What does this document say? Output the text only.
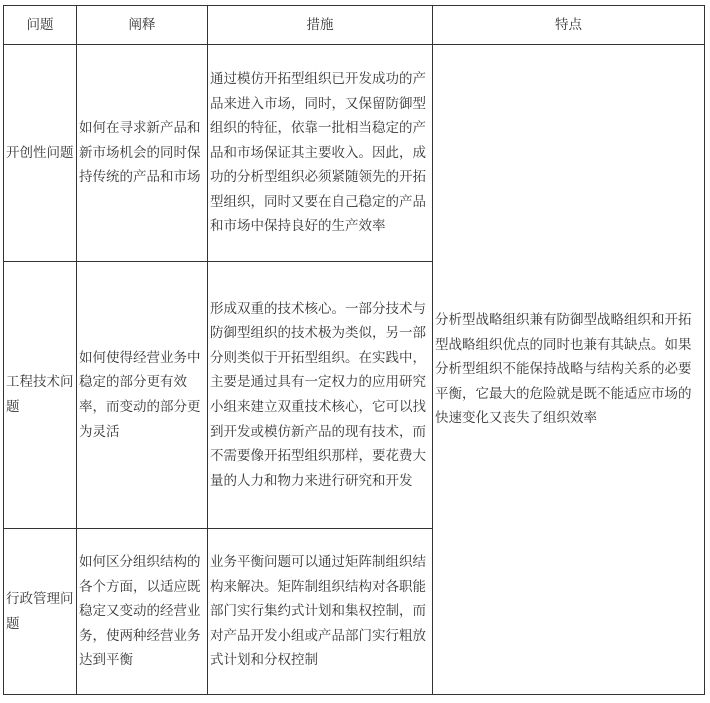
问题	阐释	措施	特点
开创性问题	如何在寻求新产品和新市场机会的同时保持传统的产品和市场	通过模仿开拓型组织已开发成功的产品来进入市场，同时，又保留防御型组织的特征，依靠一批相当稳定的产品和市场保证其主要收入。因此，成功的分析型组织必须紧随领先的开拓型组织，同时又要在自己稳定的产品和市场中保持良好的生产效率	分析型战略组织兼有防御型战略组织和开拓型战略组织优点的同时也兼有其缺点。如果分析型组织不能保持战略与结构关系的必要平衡，它最大的危险就是既不能适应市场的快速变化又丧失了组织效率
工程技术问题	如何使得经营业务中稳定的部分更有效率，而变动的部分更为灵活	形成双重的技术核心。一部分技术与防御型组织的技术极为类似，另一部分则类似于开拓型组织。在实践中，主要是通过具有一定权力的应用研究小组来建立双重技术核心，它可以找到开发或模仿新产品的现有技术，而不需要像开拓型组织那样，要花费大量的人力和物力来进行研究和开发	
行政管理问题	如何区分组织结构的各个方面，以适应既稳定又变动的经营业务，使两种经营业务达到平衡	业务平衡问题可以通过矩阵制组织结构来解决。矩阵制组织结构对各职能部门实行集约式计划和集权控制，而对产品开发小组或产品部门实行粗放式计划和分权控制	
